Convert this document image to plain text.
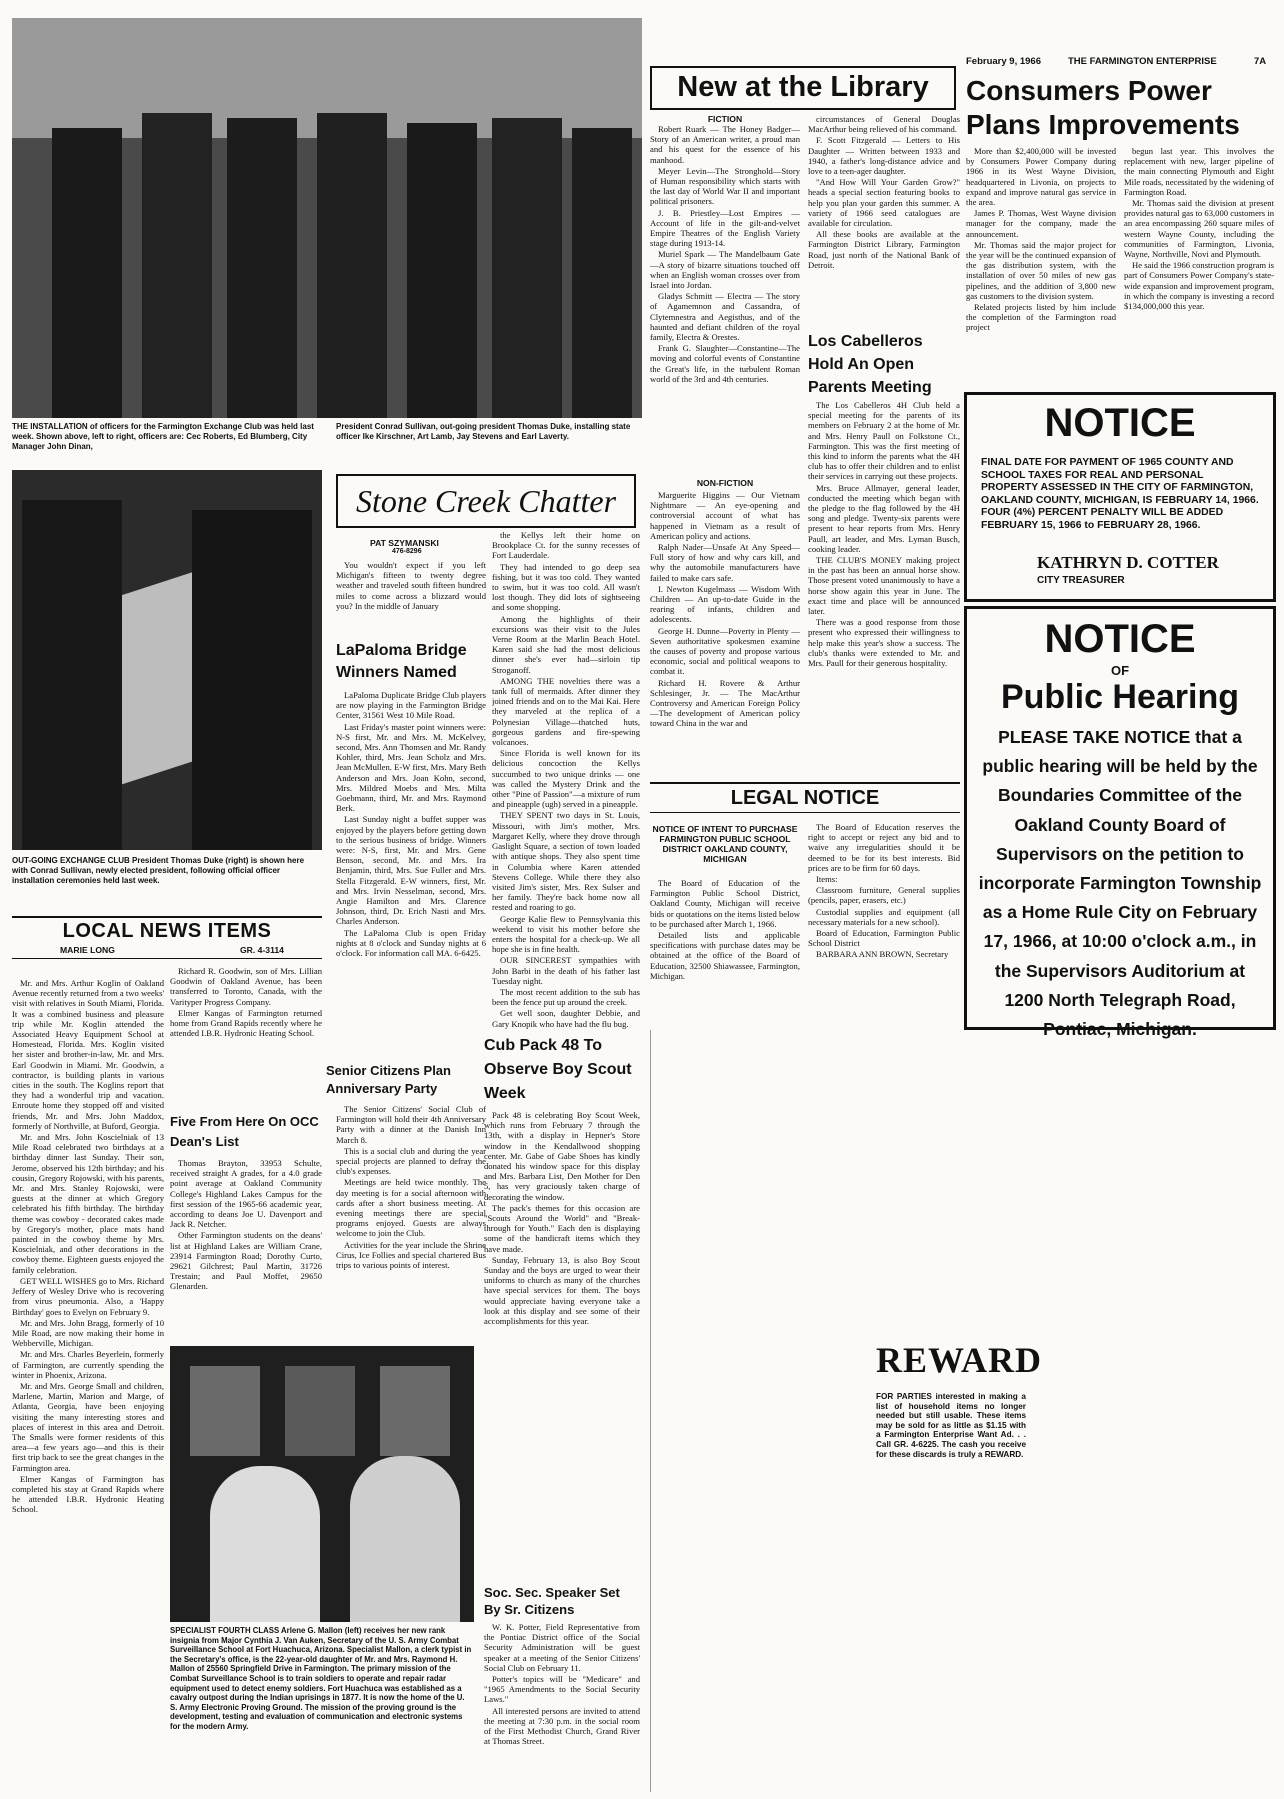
THE INSTALLATION of officers for the Farmington Exchange Club was held last week. Shown above, left to right, officers are: Cec Roberts, Ed Blumberg, City Manager John Dinan,
President Conrad Sullivan, out-going president Thomas Duke, installing state officer Ike Kirschner, Art Lamb, Jay Stevens and Earl Laverty.
OUT-GOING EXCHANGE CLUB President Thomas Duke (right) is shown here with Conrad Sullivan, newly elected president, following official officer installation ceremonies held last week.
LOCAL NEWS ITEMS
MARIE LONG	GR. 4-3114

Mr. and Mrs. Arthur Koglin of Oakland Avenue recently returned from a two weeks' visit with relatives in South Miami, Florida. It was a combined business and pleasure trip while Mr. Koglin attended the Associated Heavy Equipment School at Homestead, Florida. Mrs. Koglin visited her sister and brother-in-law, Mr. and Mrs. Earl Goodwin in Miami. Mr. Goodwin, a contractor, is building plants in various cities in the south. The Koglins report that they had a wonderful trip and vacation. Enroute home they stopped off and visited friends, Mr. and Mrs. John Maddox, formerly of Northville, at Buford, Georgia.

Mr. and Mrs. John Koscielniak of 13 Mile Road celebrated two birthdays at a birthday dinner last Sunday. Their son, Jerome, observed his 12th birthday; and his cousin, Gregory Rojowski, with his parents, Mr. and Mrs. Stanley Rojowski, were guests at the dinner at which Gregory celebrated his fifth birthday. The birthday theme was cowboy - decorated cakes made by Gregory's mother, place mats hand painted in the cowboy theme by Mrs. Koscielniak, and other decorations in the cowboy theme. Eighteen guests enjoyed the family celebration.

GET WELL WISHES go to Mrs. Richard Jeffery of Wesley Drive who is recovering from virus pneumonia. Also, a 'Happy Birthday' goes to Evelyn on February 9.

Mr. and Mrs. John Bragg, formerly of 10 Mile Road, are now making their home in Webberville, Michigan.

Mr. and Mrs. Charles Beyerlein, formerly of Farmington, are currently spending the winter in Phoenix, Arizona.

Mr. and Mrs. George Small and children, Marlene, Martin, Marion and Marge, of Atlanta, Georgia, have been enjoying visiting the many interesting stores and places of interest in this area and Detroit. The Smalls were former residents of this area—a few years ago—and this is their first trip back to see the great changes in the Farmington area.

Elmer Kangas of Farmington has completed his stay at Grand Rapids where he attended I.B.R. Hydronic Heating School.

Richard R. Goodwin, son of Mrs. Lillian Goodwin of Oakland Avenue, has been transferred to Toronto, Canada, with the Varityper Progress Company.

Elmer Kangas of Farmington returned home from Grand Rapids recently where he attended I.B.R. Hydronic Heating School.

Five From Here On OCC Dean's List

Thomas Brayton, 33953 Schulte, received straight A grades, for a 4.0 grade point average at Oakland Community College's Highland Lakes Campus for the first session of the 1965-66 academic year, according to deans Joe U. Davenport and Jack R. Netcher.

Other Farmington students on the deans' list at Highland Lakes are William Crane, 23914 Farmington Road; Dorothy Curto, 29621 Gilchrest; Paul Martin, 31726 Trestain; and Paul Moffet, 29650 Glenarden.

SPECIALIST FOURTH CLASS Arlene G. Mallon (left) receives her new rank insignia from Major Cynthia J. Van Auken, Secretary of the U. S. Army Combat Surveillance School at Fort Huachuca, Arizona. Specialist Mallon, a clerk typist in the Secretary's office, is the 22-year-old daughter of Mr. and Mrs. Raymond H. Mallon of 25560 Springfield Drive in Farmington. The primary mission of the Combat Surveillance School is to train soldiers to operate and repair radar equipment used to detect enemy soldiers. Fort Huachuca was established as a cavalry outpost during the Indian uprisings in 1877. It is now the home of the U. S. Army Electronic Proving Ground. The mission of the proving ground is the development, testing and evaluation of communication and electronic systems for the modern Army.
Stone Creek Chatter
PAT SZYMANSKI
476-8296
You wouldn't expect if you left Michigan's fifteen to twenty degree weather and traveled south fifteen hundred miles to come across a blizzard would you? In the middle of January
LaPaloma Bridge Winners Named

LaPaloma Duplicate Bridge Club players are now playing in the Farmington Bridge Center, 31561 West 10 Mile Road.

Last Friday's master point winners were: N-S first, Mr. and Mrs. M. McKelvey, second, Mrs. Ann Thomsen and Mr. Randy Kohler, third, Mrs. Jean Scholz and Mrs. Jean McMullen. E-W first, Mrs. Mary Beth Anderson and Mrs. Joan Kohn, second, Mrs. Mildred Moebs and Mrs. Milta Goebmann, third, Mr. and Mrs. Raymond Berk.

Last Sunday night a buffet supper was enjoyed by the players before getting down to the serious business of bridge. Winners were: N-S, first, Mr. and Mrs. Gene Benson, second, Mr. and Mrs. Ira Benjamin, third, Mrs. Sue Fuller and Mrs. Stella Fitzgerald. E-W winners, first, Mr. and Mrs. Irvin Nesselman, second, Mrs. Angie Hamilton and Mrs. Clarence Johnson, third, Dr. Erich Nasti and Mrs. Charles Anderson.

The LaPaloma Club is open Friday nights at 8 o'clock and Sunday nights at 6 o'clock. For information call MA. 6-6425.

Senior Citizens Plan Anniversary Party

The Senior Citizens' Social Club of Farmington will hold their 4th Anniversary Party with a dinner at the Danish Inn March 8.

This is a social club and during the year special projects are planned to defray the club's expenses.

Meetings are held twice monthly. The day meeting is for a social afternoon with cards after a short business meeting. At evening meetings there are special programs enjoyed. Guests are always welcome to join the Club.

Activities for the year include the Shrine Cirus, Ice Follies and special chartered Bus trips to various points of interest.

the Kellys left their home on Brookplace Ct. for the sunny recesses of Fort Lauderdale.

They had intended to go deep sea fishing, but it was too cold. They wanted to swim, but it was too cold. All wasn't lost though. They did lots of sightseeing and some shopping.

Among the highlights of their excursions was their visit to the Jules Verne Room at the Marlin Beach Hotel. Karen said she had the most delicious dinner she's ever had—sirloin tip Stroganoff.

AMONG THE novelties there was a tank full of mermaids. After dinner they joined friends and on to the Mai Kai. Here they marveled at the replica of a Polynesian Village—thatched huts, gorgeous gardens and fire-spewing volcanoes.

Since Florida is well known for its delicious concoction the Kellys succumbed to two unique drinks — one was called the Mystery Drink and the other "Pine of Passion"—a mixture of rum and pineapple (ugh) served in a pineapple.

THEY SPENT two days in St. Louis, Missouri, with Jim's mother, Mrs. Margaret Kelly, where they drove through Gaslight Square, a section of town loaded with antique shops. They also spent time in Columbia where Karen attended Stevens College. While there they also visited Jim's sister, Mrs. Rex Sulser and her family. They're back home now all rested and roaring to go.

George Kalie flew to Pennsylvania this weekend to visit his mother before she enters the hospital for a check-up. We all hope she is in fine health.

OUR SINCEREST sympathies with John Barbi in the death of his father last Tuesday night.

The most recent addition to the sub has been the fence put up around the creek.

Get well soon, daughter Debbie, and Gary Knopik who have had the flu bug.

Cub Pack 48 To Observe Boy Scout Week

Pack 48 is celebrating Boy Scout Week, which runs from February 7 through the 13th, with a display in Hepner's Store window in the Kendallwood shopping center. Mr. Gabe of Gabe Shoes has kindly donated his window space for this display and Mrs. Barbara List, Den Mother for Den 5, has very graciously taken charge of decorating the window.

The pack's themes for this occasion are "Scouts Around the World" and "Break-through for Youth." Each den is displaying some of the handicraft items which they have made.

Sunday, February 13, is also Boy Scout Sunday and the boys are urged to wear their uniforms to church as many of the churches have special services for them. The boys would appreciate having everyone take a look at this display and see some of their accomplishments for this year.

Soc. Sec. Speaker Set By Sr. Citizens

W. K. Potter, Field Representative from the Pontiac District office of the Social Security Administration will be guest speaker at a meeting of the Senior Citizens' Social Club on February 11.

Potter's topics will be "Medicare" and "1965 Amendments to the Social Security Laws."

All interested persons are invited to attend the meeting at 7:30 p.m. in the social room of the First Methodist Church, Grand River at Thomas Street.

New at the Library
FICTION

Robert Ruark — The Honey Badger—Story of an American writer, a proud man and his quest for the essence of his manhood.

Meyer Levin—The Stronghold—Story of Human responsibility which starts with the last day of World War II and important political prisoners.

J. B. Priestley—Lost Empires — Account of life in the gilt-and-velvet Empire Theatres of the English Variety stage during 1913-14.

Muriel Spark — The Mandelbaum Gate—A story of bizarre situations touched off when an English woman crosses over from Israel into Jordan.

Gladys Schmitt — Electra — The story of Agamemnon and Cassandra, of Clytemnestra and Aegisthus, and of the haunted and defiant children of the royal family, Electra & Orestes.

Frank G. Slaughter—Constantine—The moving and colorful events of Constantine the Great's life, in the turbulent Roman world of the 3rd and 4th centuries.

NON-FICTION

Marguerite Higgins — Our Vietnam Nightmare — An eye-opening and controversial account of what has happened in Vietnam as a result of American policy and actions.

Ralph Nader—Unsafe At Any Speed—Full story of how and why cars kill, and why the automobile manufacturers have failed to make cars safe.

I. Newton Kugelmass — Wisdom With Children — An up-to-date Guide in the rearing of infants, children and adolescents.

George H. Dunne—Poverty in Plenty — Seven authoritative spokesmen examine the causes of poverty and propose various economic, social and political weapons to combat it.

Richard H. Rovere & Arthur Schlesinger, Jr. — The MacArthur Controversy and American Foreign Policy—The development of American policy toward China in the war and

circumstances of General Douglas MacArthur being relieved of his command.

F. Scott Fitzgerald — Letters to His Daughter — Written between 1933 and 1940, a father's long-distance advice and love to a teen-ager daughter.

"And How Will Your Garden Grow?" heads a special section featuring books to help you plan your garden this summer. A variety of 1966 seed catalogues are available for circulation.

All these books are available at the Farmington District Library, Farmington Road, just north of the National Bank of Detroit.

Los Cabelleros Hold An Open Parents Meeting

The Los Cabelleros 4H Club held a special meeting for the parents of its members on February 2 at the home of Mr. and Mrs. Henry Paull on Folkstone Ct., Farmington. This was the first meeting of this kind to inform the parents what the 4H club has to offer their children and to enlist their services in carrying out these projects.

Mrs. Bruce Allmayer, general leader, conducted the meeting which began with the pledge to the flag followed by the 4H song and pledge. Twenty-six parents were present to hear reports from Mrs. Henry Paull, art leader, and Mrs. Lyman Busch, cooking leader.

THE CLUB'S MONEY making project in the past has been an annual horse show. Those present voted unanimously to have a horse show again this year in June. The exact time and place will be announced later.

There was a good response from those present who expressed their willingness to help make this year's show a success. The club's thanks were extended to Mr. and Mrs. Paull for their generous hospitality.

LEGAL NOTICE
NOTICE OF INTENT TO PURCHASE FARMINGTON PUBLIC SCHOOL DISTRICT OAKLAND COUNTY, MICHIGAN

The Board of Education of the Farmington Public School District, Oakland County, Michigan will receive bids or quotations on the items listed below to be purchased after March 1, 1966.

Detailed lists and applicable specifications with purchase dates may be obtained at the office of the Board of Education, 32500 Shiawassee, Farmington, Michigan.

The Board of Education reserves the right to accept or reject any bid and to waive any irregularities should it be deemed to be for its best interests. Bid prices are to be firm for 60 days.

Items:

Classroom furniture, General supplies (pencils, paper, erasers, etc.)

Custodial supplies and equipment (all necessary materials for a new school).

Board of Education, Farmington Public School District

BARBARA ANN BROWN, Secretary

February 9, 1966	THE FARMINGTON ENTERPRISE	7A
Consumers Power Plans Improvements

More than $2,400,000 will be invested by Consumers Power Company during 1966 in its West Wayne Division, headquartered in Livonia, on projects to expand and improve natural gas service in the area.

James P. Thomas, West Wayne division manager for the company, made the announcement.

Mr. Thomas said the major project for the year will be the continued expansion of the gas distribution system, with the installation of over 50 miles of new gas pipelines, and the addition of 3,800 new gas customers to the division system.

Related projects listed by him include the completion of the Farmington road project

begun last year. This involves the replacement with new, larger pipeline of the main connecting Plymouth and Eight Mile roads, necessitated by the widening of Farmington Road.

Mr. Thomas said the division at present provides natural gas to 63,000 customers in an area encompassing 260 square miles of western Wayne County, including the communities of Farmington, Livonia, Wayne, Northville, Novi and Plymouth.

He said the 1966 construction program is part of Consumers Power Company's state-wide expansion and improvement program, in which the company is investing a record $134,000,000 this year.

NOTICE
FINAL DATE FOR PAYMENT OF 1965 COUNTY AND SCHOOL TAXES FOR REAL AND PERSONAL PROPERTY ASSESSED IN THE CITY OF FARMINGTON, OAKLAND COUNTY, MICHIGAN, IS FEBRUARY 14, 1966. FOUR (4%) PERCENT PENALTY WILL BE ADDED FEBRUARY 15, 1966 to FEBRUARY 28, 1966.
KATHRYN D. COTTER
CITY TREASURER
NOTICE
OF
Public Hearing
PLEASE TAKE NOTICE that a public hearing will be held by the Boundaries Committee of the Oakland County Board of Supervisors on the petition to incorporate Farmington Township as a Home Rule City on February 17, 1966, at 10:00 o'clock a.m., in the Supervisors Auditorium at 1200 North Telegraph Road, Pontiac, Michigan.
REWARD
FOR PARTIES interested in making a list of household items no longer needed but still usable. These items may be sold for as little as $1.15 with a Farmington Enterprise Want Ad. . . Call GR. 4-6225. The cash you receive for these discards is truly a REWARD.
